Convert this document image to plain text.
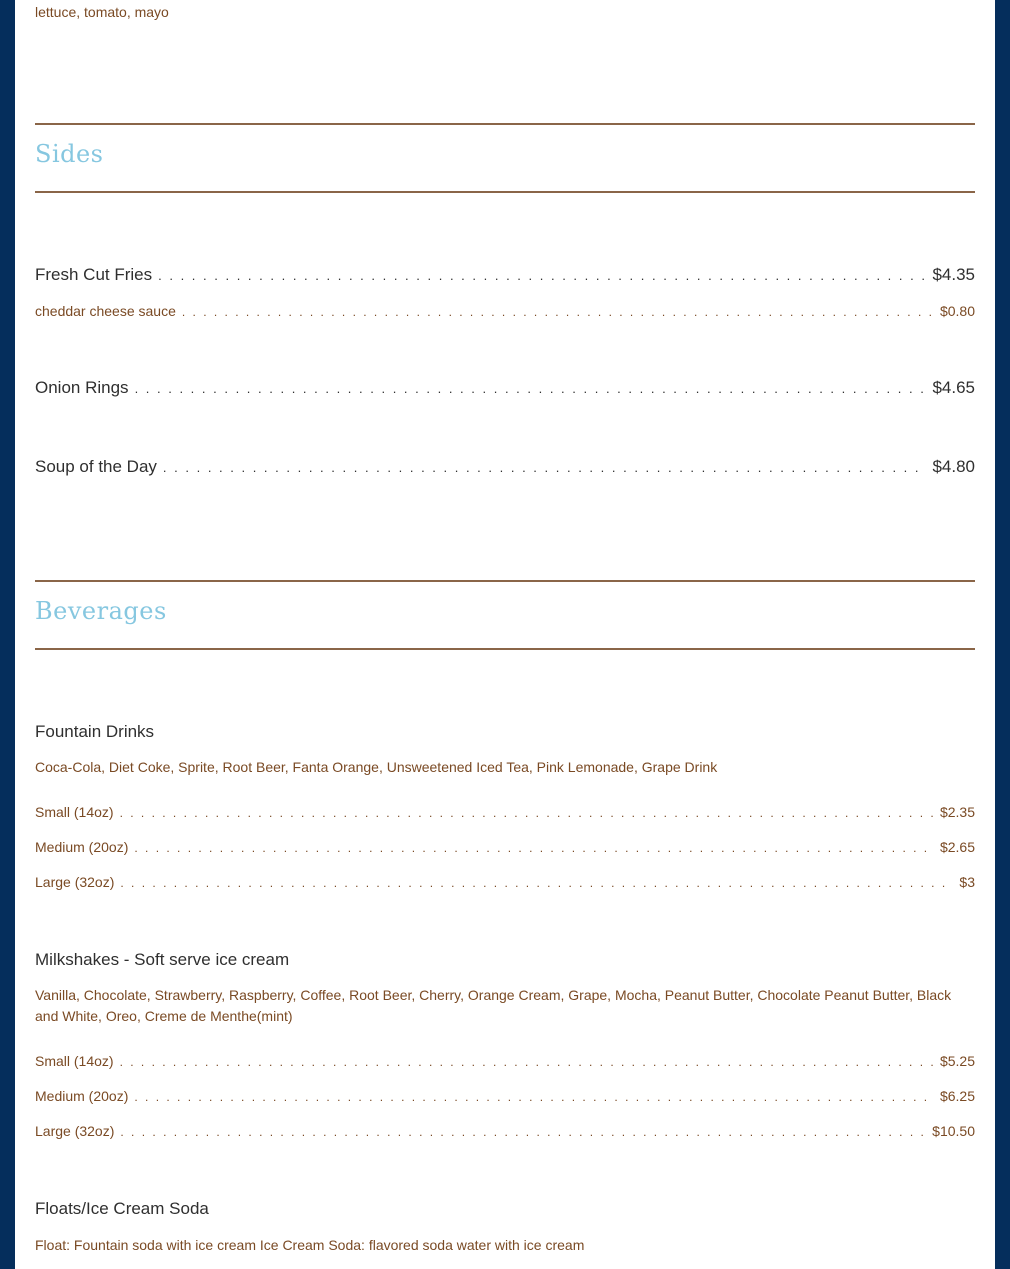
lettuce, tomato, mayo
Sides
Fresh Cut Fries . . .	$4.35
cheddar cheese sauce . . .	$0.80
Onion Rings . . .	$4.65
Soup of the Day . . .	$4.80
Beverages
Fountain Drinks
Coca-Cola, Diet Coke, Sprite, Root Beer, Fanta Orange, Unsweetened Iced Tea, Pink Lemonade, Grape Drink
Small (14oz) . . .	$2.35
Medium (20oz) . . .	$2.65
Large (32oz) . . .	$3
Milkshakes - Soft serve ice cream
Vanilla, Chocolate, Strawberry, Raspberry, Coffee, Root Beer, Cherry, Orange Cream, Grape, Mocha, Peanut Butter, Chocolate Peanut Butter, Black and White, Oreo, Creme de Menthe(mint)
Small (14oz) . . .	$5.25
Medium (20oz) . . .	$6.25
Large (32oz) . . .	$10.50
Floats/Ice Cream Soda
Float: Fountain soda with ice cream Ice Cream Soda: flavored soda water with ice cream
